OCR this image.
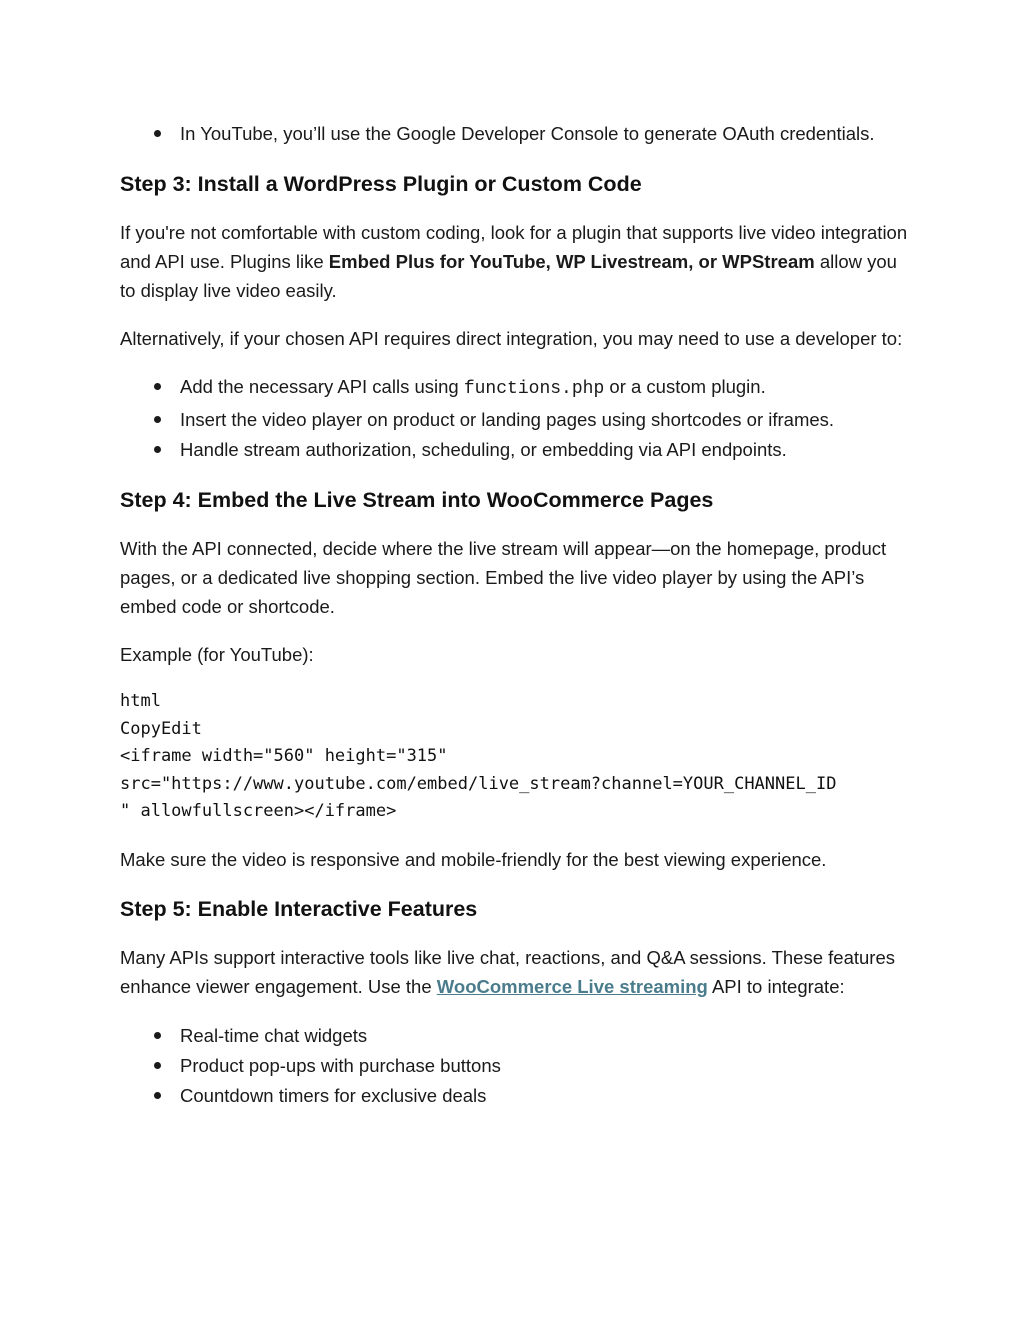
In YouTube, you’ll use the Google Developer Console to generate OAuth credentials.
Step 3: Install a WordPress Plugin or Custom Code

If you're not comfortable with custom coding, look for a plugin that supports live video integration and API use. Plugins like Embed Plus for YouTube, WP Livestream, or WPStream allow you to display live video easily.

Alternatively, if your chosen API requires direct integration, you may need to use a developer to:

Add the necessary API calls using functions.php or a custom plugin.
Insert the video player on product or landing pages using shortcodes or iframes.
Handle stream authorization, scheduling, or embedding via API endpoints.
Step 4: Embed the Live Stream into WooCommerce Pages

With the API connected, decide where the live stream will appear—on the homepage, product pages, or a dedicated live shopping section. Embed the live video player by using the API’s embed code or shortcode.

Example (for YouTube):

html
CopyEdit
<iframe width="560" height="315"
src="https://www.youtube.com/embed/live_stream?channel=YOUR_CHANNEL_ID
" allowfullscreen></iframe>

Make sure the video is responsive and mobile-friendly for the best viewing experience.

Step 5: Enable Interactive Features

Many APIs support interactive tools like live chat, reactions, and Q&A sessions. These features enhance viewer engagement. Use the WooCommerce Live streaming API to integrate:

Real-time chat widgets
Product pop-ups with purchase buttons
Countdown timers for exclusive deals
